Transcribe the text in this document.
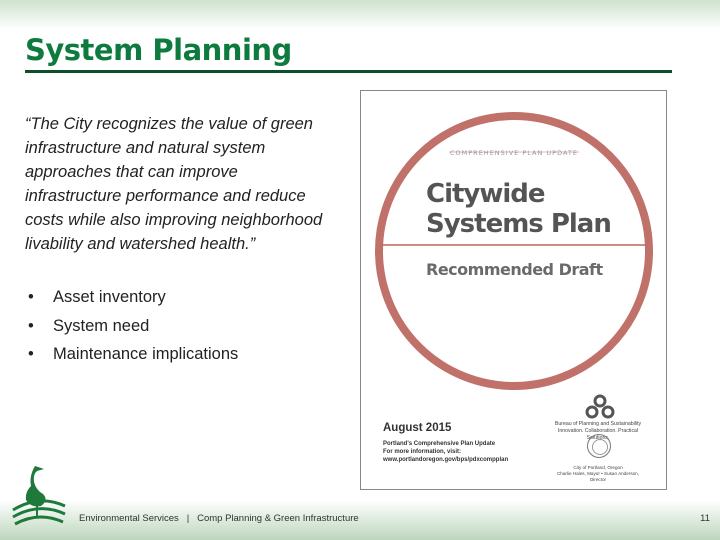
System Planning

“The City recognizes the value of green infrastructure and natural system approaches that can improve infrastructure performance and reduce costs while also improving neighborhood livability and watershed health.”

• Asset inventory
• System need
• Maintenance implications
COMPREHENSIVE PLAN UPDATE
Citywide
Systems Plan
Recommended Draft

August 2015

Portland's Comprehensive Plan Update
For more information, visit:
www.portlandoregon.gov/bps/pdxcompplan

Bureau of Planning and Sustainability
Innovation. Collaboration. Practical Solutions.

City of Portland, Oregon
Charlie Hales, Mayor • Susan Anderson, Director

Environmental Services   |   Comp Planning & Green Infrastructure	11
